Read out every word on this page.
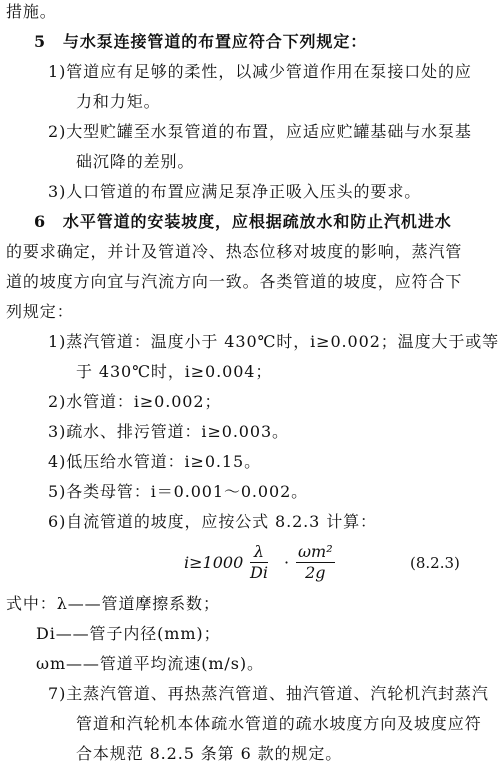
措施。
5　与水泵连接管道的布置应符合下列规定：
1)管道应有足够的柔性，以减少管道作用在泵接口处的应
力和力矩。
2)大型贮罐至水泵管道的布置，应适应贮罐基础与水泵基
础沉降的差别。
3)人口管道的布置应满足泵净正吸入压头的要求。
6　水平管道的安装坡度，应根据疏放水和防止汽机进水
的要求确定，并计及管道冷、热态位移对坡度的影响，蒸汽管
道的坡度方向宜与汽流方向一致。各类管道的坡度，应符合下
列规定：
1)蒸汽管道：温度小于 430℃时，i≥0.002；温度大于或等
于 430℃时，i≥0.004；
2)水管道：i≥0.002；
3)疏水、排污管道：i≥0.003。
4)低压给水管道：i≥0.15。
5)各类母管：i＝0.001～0.002。
6)自流管道的坡度，应按公式 8.2.3 计算：
$i\ge 1000 \frac{\lambda}{Di} \cdot \frac{\text{ωm²}}{2g}$	(8.2.3)
式中：λ——管道摩擦系数；
Di——管子内径(mm)；
ωm——管道平均流速(m/s)。
7)主蒸汽管道、再热蒸汽管道、抽汽管道、汽轮机汽封蒸汽
管道和汽轮机本体疏水管道的疏水坡度方向及坡度应符
合本规范 8.2.5 条第 6 款的规定。
